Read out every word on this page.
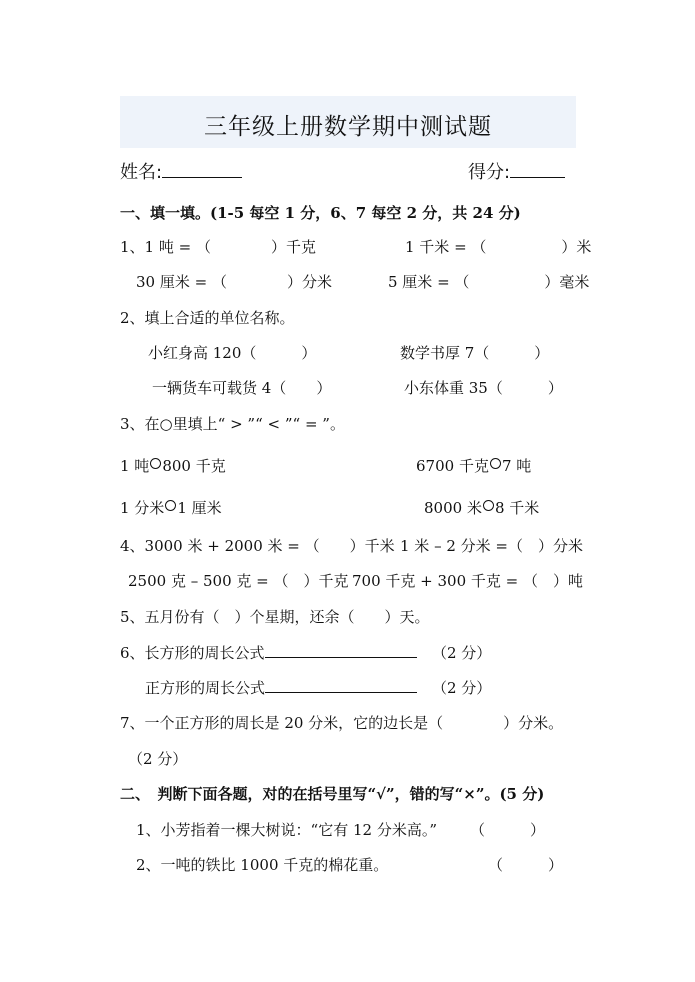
三年级上册数学期中测试题
姓名:	得分:
一、填一填。(1-5 每空 1 分，6、7 每空 2 分，共 24 分)
1、1 吨 = （　　　　）千克	1 千米 = （　　　　　）米
30 厘米 = （　　　　）分米	5 厘米 = （　　　　　）毫米
2、填上合适的单位名称。
小红身高 120（　　　）	数学书厚 7（　　　）
一辆货车可载货 4（　　）	小东体重 35（　　　）
3、在○里填上“ > ”“ < ”“ = ”。
1 吨 800 千克	6700 千克 7 吨
1 分米 1 厘米	8000 米 8 千米
4、3000 米 + 2000 米 = （　　）千米 1 米 – 2 分米 =（　）分米
2500 克 – 500 克 = （　）千克 700 千克 + 300 千克 = （　）吨
5、五月份有（　）个星期，还余（　　）天。
6、长方形的周长公式	（2 分）
正方形的周长公式	（2 分）
7、一个正方形的周长是 20 分米，它的边长是（　　　　）分米。
（2 分）
二、　判断下面各题，对的在括号里写“√”，错的写“×”。(5 分)
1、小芳指着一棵大树说：“它有 12 分米高。” （　　　）
2、一吨的铁比 1000 千克的棉花重。	（　　　）
